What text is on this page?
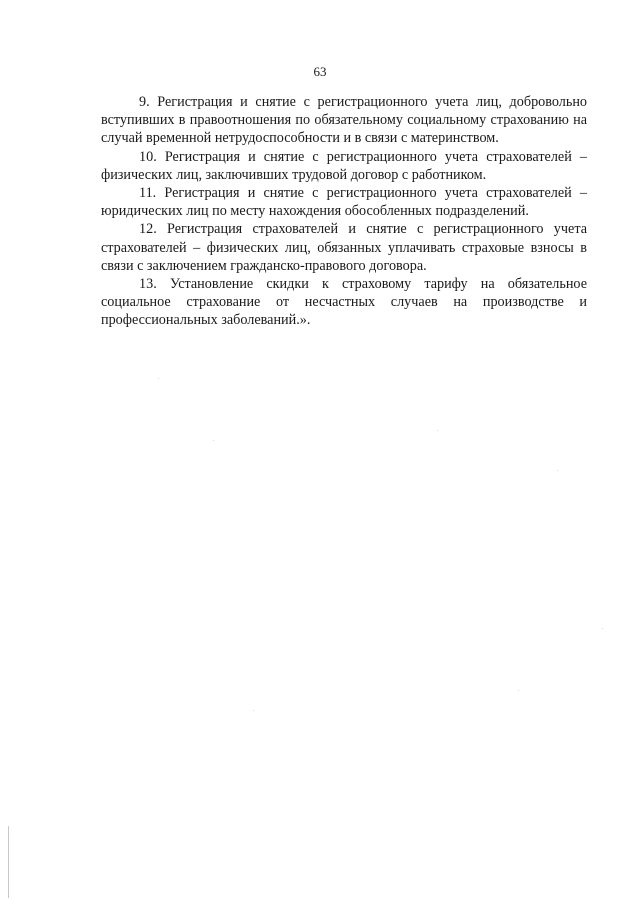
63

9. Регистрация и снятие с регистрационного учета лиц, добровольно вступивших в правоотношения по обязательному социальному страхованию на случай временной нетрудоспособности и в связи с материнством.

10. Регистрация и снятие с регистрационного учета страхователей – физических лиц, заключивших трудовой договор с работником.

11. Регистрация и снятие с регистрационного учета страхователей – юридических лиц по месту нахождения обособленных подразделений.

12. Регистрация страхователей и снятие с регистрационного учета страхователей – физических лиц, обязанных уплачивать страховые взносы в связи с заключением гражданско-правового договора.

13. Установление скидки к страховому тарифу на обязательное социальное страхование от несчастных случаев на производстве и профессиональных заболеваний.».
